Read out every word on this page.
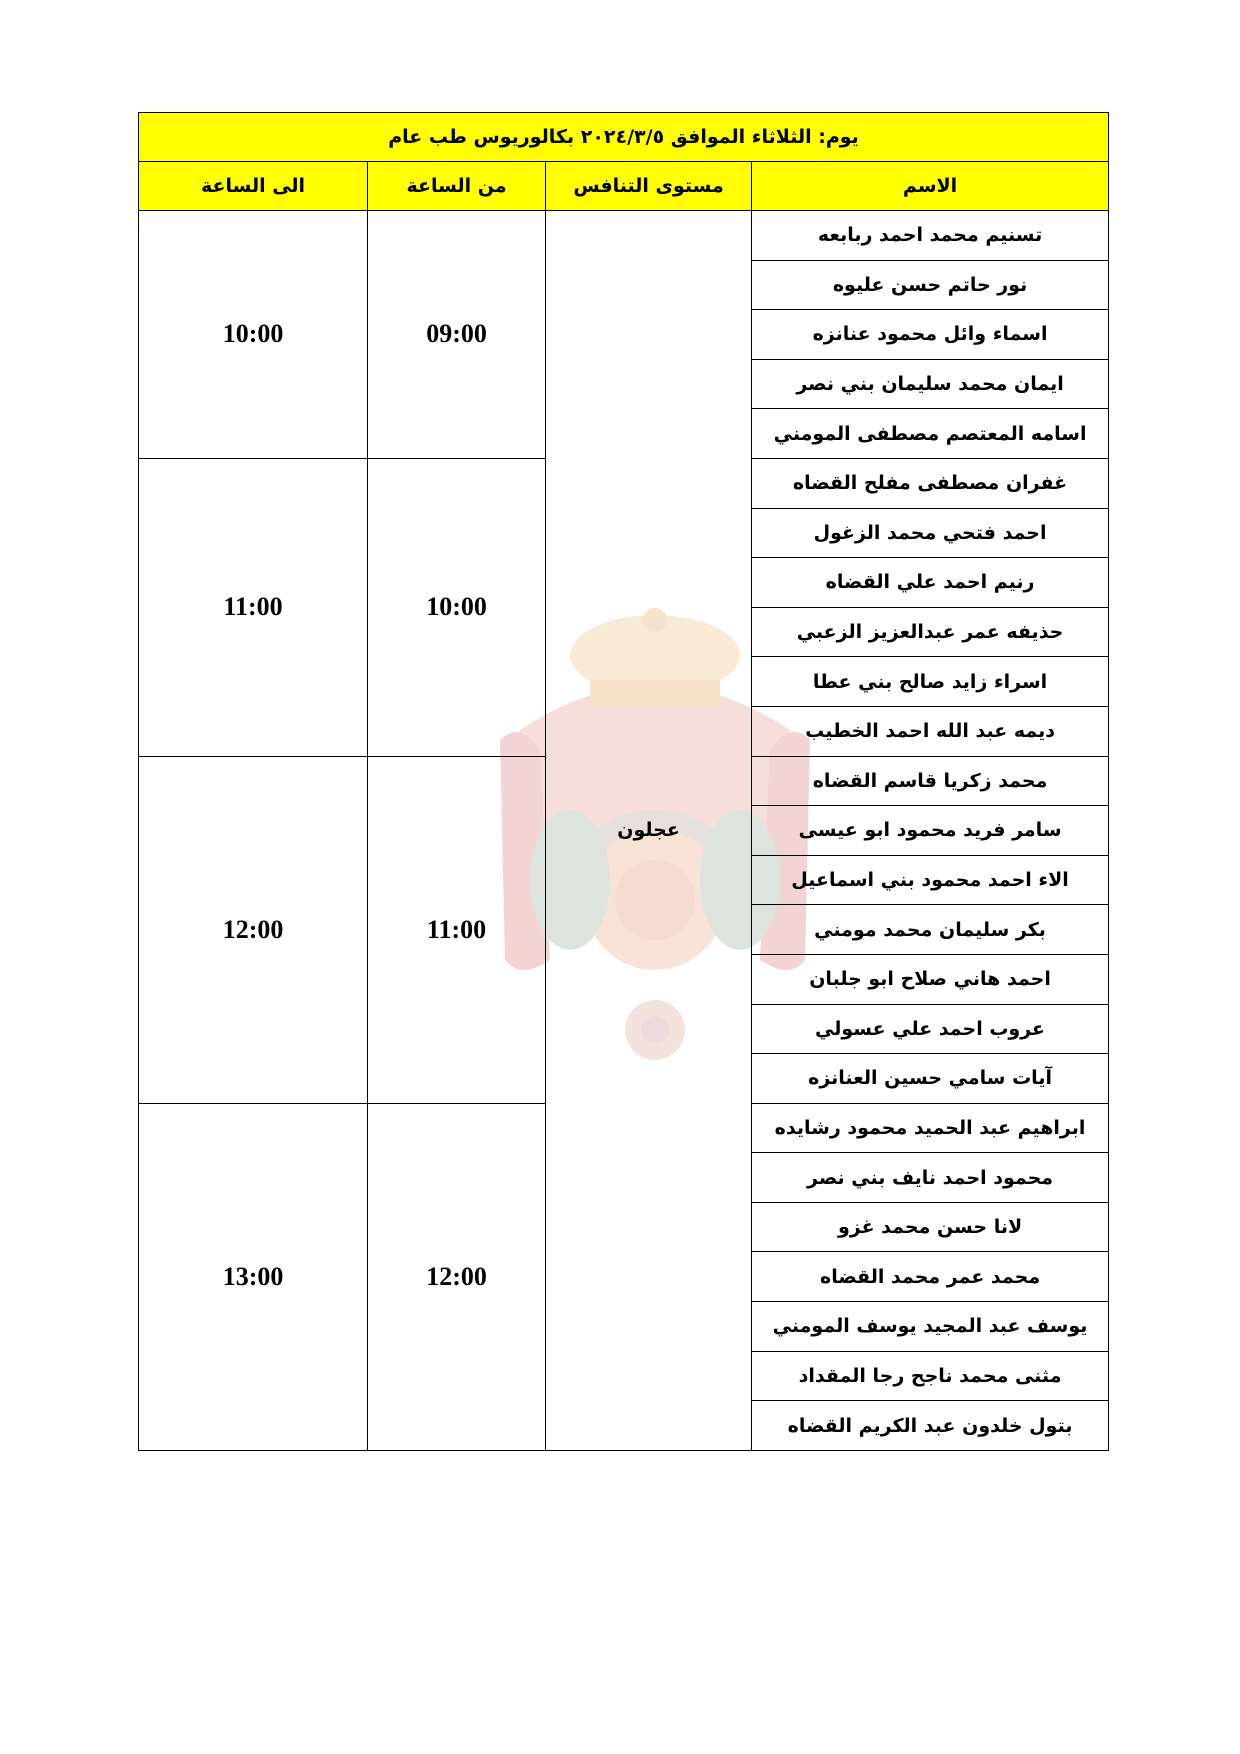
يوم: الثلاثاء الموافق ٢٠٢٤/٣/٥ بكالوريوس طب عام			
الاسم	مستوى التنافس	من الساعة	الى الساعة
تسنيم محمد احمد ربابعه	عجلون	09:00	10:00
نور حاتم حسن عليوه			
اسماء وائل محمود عنانزه			
ايمان محمد سليمان بني نصر			
اسامه المعتصم مصطفى المومني			
غفران مصطفى مفلح القضاه		10:00	11:00
احمد فتحي محمد الزغول			
رنيم احمد علي القضاه			
حذيفه عمر عبدالعزيز الزعبي			
اسراء زايد صالح بني عطا			
ديمه عبد الله احمد الخطيب			
محمد زكريا قاسم القضاه		11:00	12:00
سامر فريد محمود ابو عيسى			
الاء احمد محمود بني اسماعيل			
بكر سليمان محمد مومني			
احمد هاني صلاح ابو جلبان			
عروب احمد علي عسولي			
آيات سامي حسين العنانزه			
ابراهيم عبد الحميد محمود رشايده		12:00	13:00
محمود احمد نايف بني نصر			
لانا حسن محمد غزو			
محمد عمر محمد القضاه			
يوسف عبد المجيد يوسف المومني			
مثنى محمد ناجح رجا المقداد			
بتول خلدون عبد الكريم القضاه			
